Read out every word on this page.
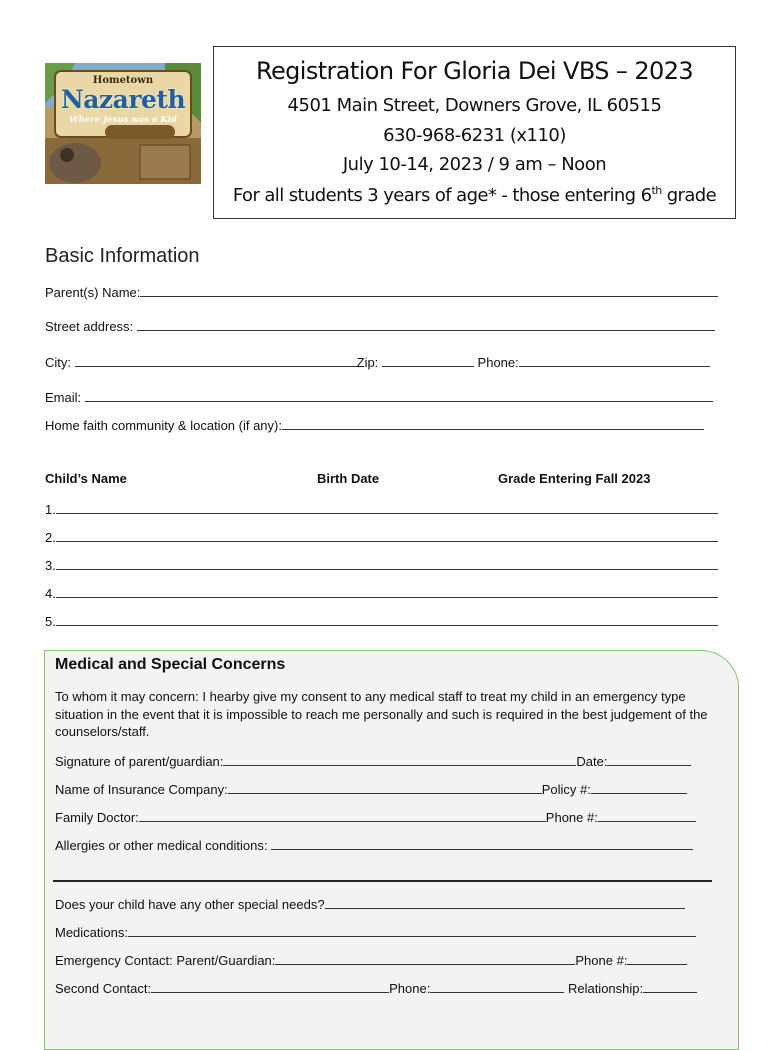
Hometown
Nazareth
Where Jesus was a Kid
Registration For Gloria Dei VBS – 2023
4501 Main Street, Downers Grove, IL 60515
630-968-6231 (x110)
July 10-14, 2023 / 9 am – Noon
For all students 3 years of age* - those entering 6th grade
Basic Information
Parent(s) Name:
Street address:
City:	Zip:	Phone:
Email:
Home faith community & location (if any):
Child’s Name	Birth Date	Grade Entering Fall 2023
1.
2.
3.
4.
5.
Medical and Special Concerns
To whom it may concern: I hearby give my consent to any medical staff to treat my child in an emergency type situation in the event that it is impossible to reach me personally and such is required in the best judgement of the counselors/staff.
Signature of parent/guardian:	Date:
Name of Insurance Company:	Policy #:
Family Doctor:	Phone #:
Allergies or other medical conditions:
Does your child have any other special needs?
Medications:
Emergency Contact: Parent/Guardian:	Phone #:
Second Contact:	Phone:	Relationship:
